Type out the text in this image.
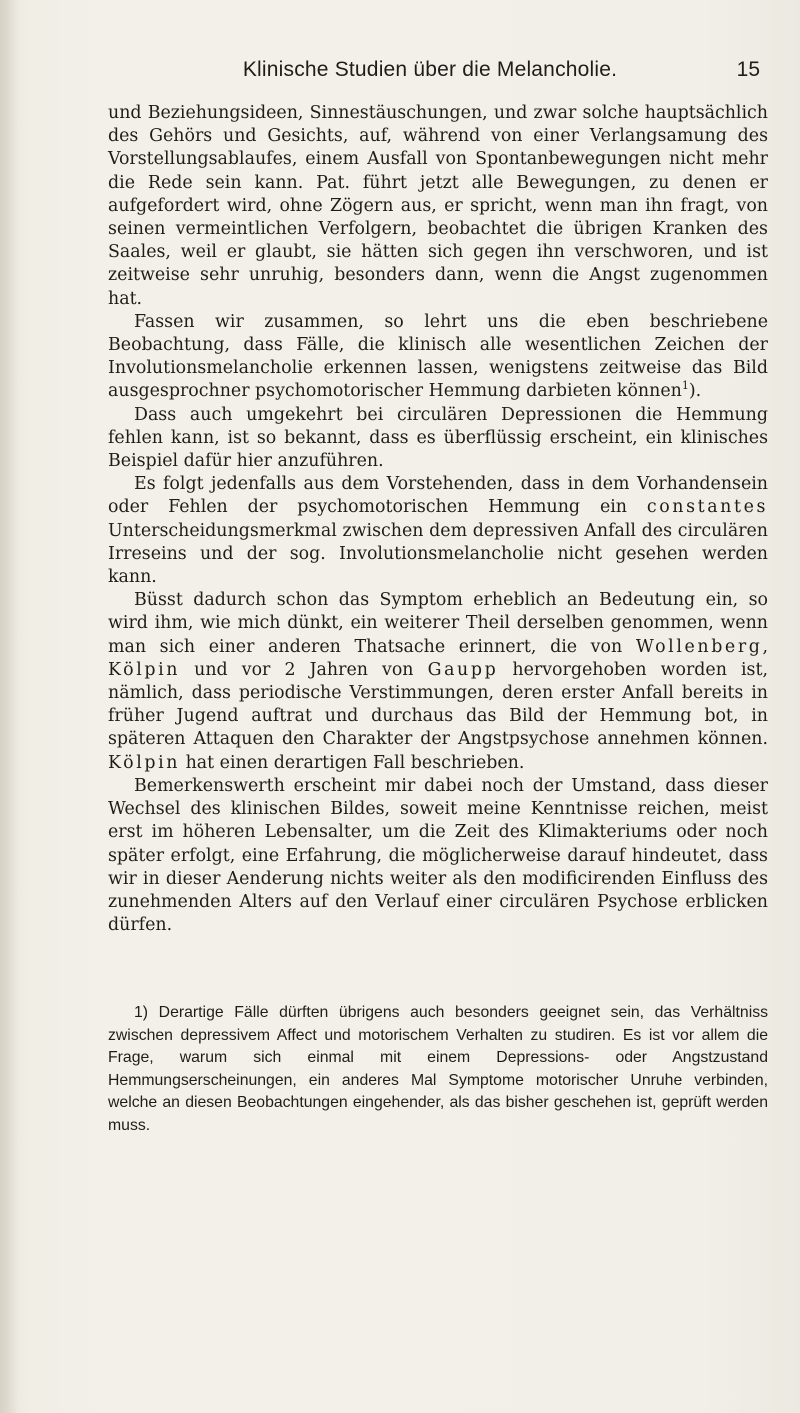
Klinische Studien über die Melancholie.	15

und Beziehungsideen, Sinnestäuschungen, und zwar solche hauptsächlich des Gehörs und Gesichts, auf, während von einer Verlangsamung des Vorstellungsablaufes, einem Ausfall von Spontanbewegungen nicht mehr die Rede sein kann. Pat. führt jetzt alle Bewegungen, zu denen er aufgefordert wird, ohne Zögern aus, er spricht, wenn man ihn fragt, von seinen vermeintlichen Verfolgern, beobachtet die übrigen Kranken des Saales, weil er glaubt, sie hätten sich gegen ihn verschworen, und ist zeitweise sehr unruhig, besonders dann, wenn die Angst zugenommen hat.

Fassen wir zusammen, so lehrt uns die eben beschriebene Beobachtung, dass Fälle, die klinisch alle wesentlichen Zeichen der Involutionsmelancholie erkennen lassen, wenigstens zeitweise das Bild ausgesprochner psychomotorischer Hemmung darbieten können$^1$).

Dass auch umgekehrt bei circulären Depressionen die Hemmung fehlen kann, ist so bekannt, dass es überflüssig erscheint, ein klinisches Beispiel dafür hier anzuführen.

Es folgt jedenfalls aus dem Vorstehenden, dass in dem Vorhandensein oder Fehlen der psychomotorischen Hemmung ein constantes Unterscheidungsmerkmal zwischen dem depressiven Anfall des circulären Irreseins und der sog. Involutionsmelancholie nicht gesehen werden kann.

Büsst dadurch schon das Symptom erheblich an Bedeutung ein, so wird ihm, wie mich dünkt, ein weiterer Theil derselben genommen, wenn man sich einer anderen Thatsache erinnert, die von Wollenberg, Kölpin und vor 2 Jahren von Gaupp hervorgehoben worden ist, nämlich, dass periodische Verstimmungen, deren erster Anfall bereits in früher Jugend auftrat und durchaus das Bild der Hemmung bot, in späteren Attaquen den Charakter der Angstpsychose annehmen können. Kölpin hat einen derartigen Fall beschrieben.

Bemerkenswerth erscheint mir dabei noch der Umstand, dass dieser Wechsel des klinischen Bildes, soweit meine Kenntnisse reichen, meist erst im höheren Lebensalter, um die Zeit des Klimakteriums oder noch später erfolgt, eine Erfahrung, die möglicherweise darauf hindeutet, dass wir in dieser Aenderung nichts weiter als den modificirenden Einfluss des zunehmenden Alters auf den Verlauf einer circulären Psychose erblicken dürfen.

1) Derartige Fälle dürften übrigens auch besonders geeignet sein, das Verhältniss zwischen depressivem Affect und motorischem Verhalten zu studiren. Es ist vor allem die Frage, warum sich einmal mit einem Depressions- oder Angstzustand Hemmungserscheinungen, ein anderes Mal Symptome motorischer Unruhe verbinden, welche an diesen Beobachtungen eingehender, als das bisher geschehen ist, geprüft werden muss.
